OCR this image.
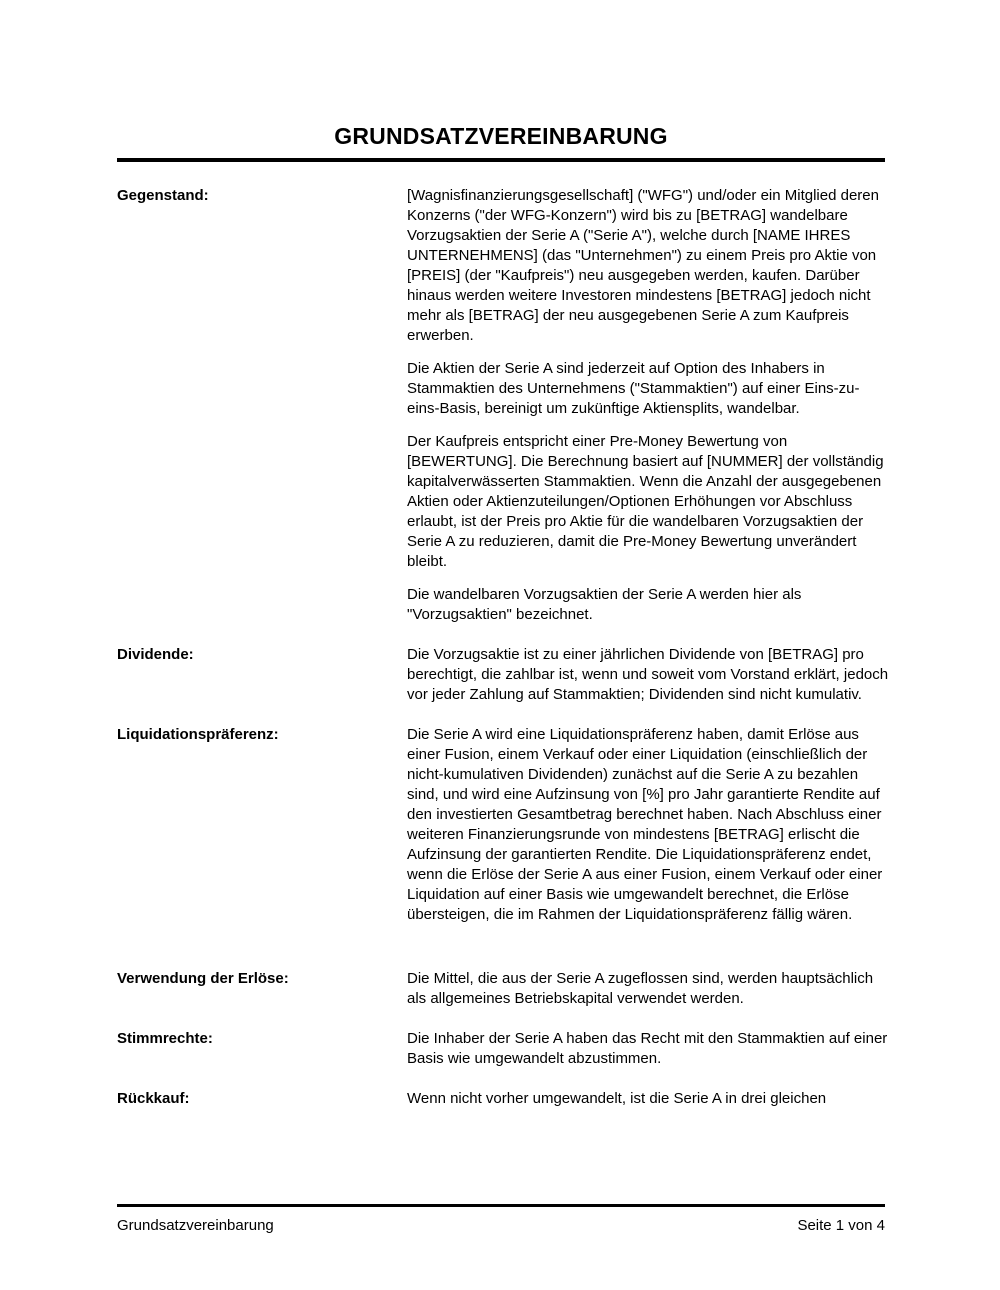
GRUNDSATZVEREINBARUNG
Gegenstand:	[Wagnisfinanzierungsgesellschaft] ("WFG") und/oder ein Mitglied deren Konzerns ("der WFG-Konzern") wird bis zu [BETRAG] wandelbare Vorzugsaktien der Serie A ("Serie A"), welche durch [NAME IHRES UNTERNEHMENS] (das "Unternehmen") zu einem Preis pro Aktie von [PREIS] (der "Kaufpreis") neu ausgegeben werden, kaufen. Darüber hinaus werden weitere Investoren mindestens [BETRAG] jedoch nicht mehr als [BETRAG] der neu ausgegebenen Serie A zum Kaufpreis erwerben.

Die Aktien der Serie A sind jederzeit auf Option des Inhabers in Stammaktien des Unternehmens ("Stammaktien") auf einer Eins-zu-eins-Basis, bereinigt um zukünftige Aktiensplits, wandelbar.

Der Kaufpreis entspricht einer Pre-Money Bewertung von [BEWERTUNG]. Die Berechnung basiert auf [NUMMER] der vollständig kapitalverwässerten Stammaktien. Wenn die Anzahl der ausgegebenen Aktien oder Aktienzuteilungen/Optionen Erhöhungen vor Abschluss erlaubt, ist der Preis pro Aktie für die wandelbaren Vorzugsaktien der Serie A zu reduzieren, damit die Pre-Money Bewertung unverändert bleibt.

Die wandelbaren Vorzugsaktien der Serie A werden hier als "Vorzugsaktien" bezeichnet.

Dividende:	Die Vorzugsaktie ist zu einer jährlichen Dividende von [BETRAG] pro berechtigt, die zahlbar ist, wenn und soweit vom Vorstand erklärt, jedoch vor jeder Zahlung auf Stammaktien; Dividenden sind nicht kumulativ.

Liquidationspräferenz:	Die Serie A wird eine Liquidationspräferenz haben, damit Erlöse aus einer Fusion, einem Verkauf oder einer Liquidation (einschließlich der nicht-kumulativen Dividenden) zunächst auf die Serie A zu bezahlen sind, und wird eine Aufzinsung von [%] pro Jahr garantierte Rendite auf den investierten Gesamtbetrag berechnet haben. Nach Abschluss einer weiteren Finanzierungsrunde von mindestens [BETRAG] erlischt die Aufzinsung der garantierten Rendite. Die Liquidationspräferenz endet, wenn die Erlöse der Serie A aus einer Fusion, einem Verkauf oder einer Liquidation auf einer Basis wie umgewandelt berechnet, die Erlöse übersteigen, die im Rahmen der Liquidationspräferenz fällig wären.

Verwendung der Erlöse:	Die Mittel, die aus der Serie A zugeflossen sind, werden hauptsächlich als allgemeines Betriebskapital verwendet werden.

Stimmrechte:	Die Inhaber der Serie A haben das Recht mit den Stammaktien auf einer Basis wie umgewandelt abzustimmen.

Rückkauf:	Wenn nicht vorher umgewandelt, ist die Serie A in drei gleichen

Grundsatzvereinbarung	Seite 1 von 4
